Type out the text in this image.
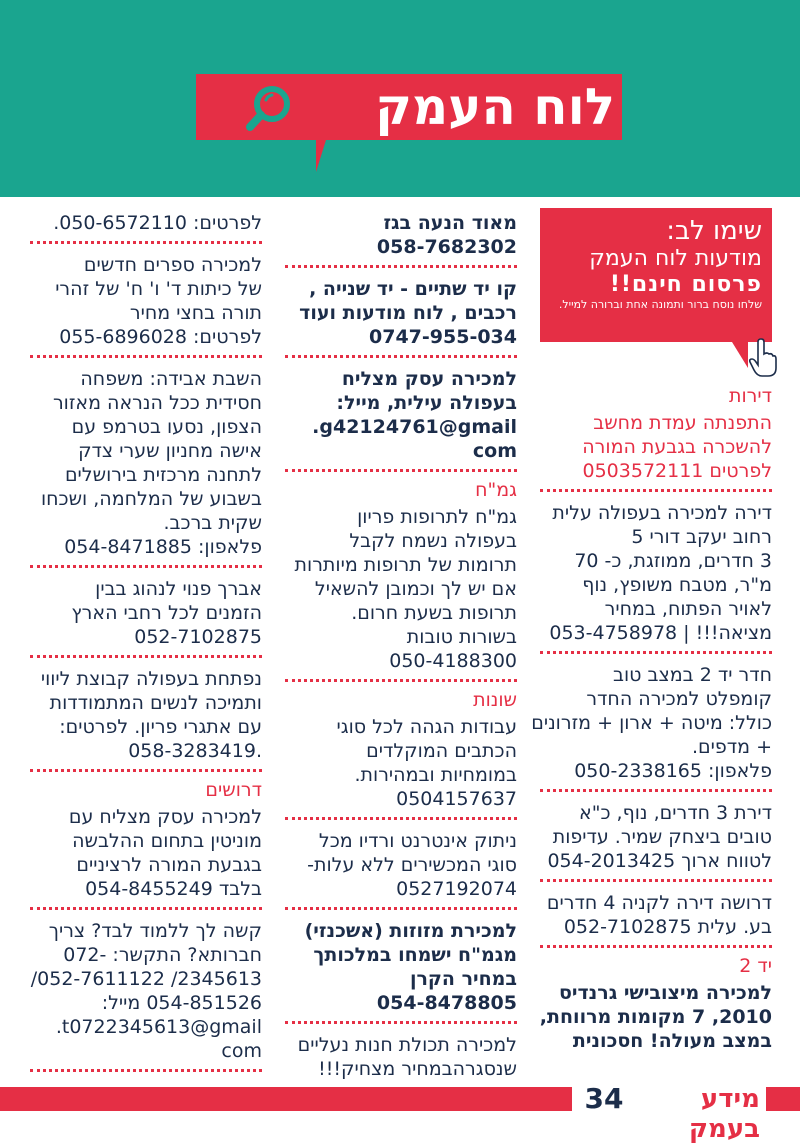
לוח העמק
שימו לב:
מודעות לוח העמק
פרסום חינם!!
שלחו נוסח ברור ותמונה אחת וברורה למייל.
דירות
התפנתה עמדת מחשב
להשכרה בגבעת המורה
לפרטים 0503572111
דירה למכירה בעפולה עלית
רחוב יעקב דורי 5
3 חדרים, ממוזגת, כ- 70
מ"ר, מטבח משופץ, נוף
לאויר הפתוח, במחיר
מציאה!!! | 053-4758978
חדר יד 2 במצב טוב
קומפלט למכירה החדר
כולל: מיטה + ארון + מזרונים
+ מדפים.
פלאפון: 050-2338165
דירת 3 חדרים, נוף, כ"א
טובים ביצחק שמיר. עדיפות
לטווח ארוך 054-2013425
דרושה דירה לקניה 4 חדרים
בע. עלית 052-7102875
יד 2
למכירה מיצובישי גרנדיס
2010, 7 מקומות מרווחת,
במצב מעולה! חסכונית
מאוד הנעה בגז
058-7682302
קו יד שתיים - יד שנייה ,
רכבים , לוח מודעות ועוד
0747-955-034
למכירה עסק מצליח
בעפולה עילית, מייל:
g42124761@gmail.
com
גמ"ח
גמ"ח לתרופות פריון
בעפולה נשמח לקבל
תרומות של תרופות מיותרות
אם יש לך וכמובן להשאיל
תרופות בשעת חרום.
בשורות טובות
050-4188300
שונות
עבודות הגהה לכל סוגי
הכתבים המוקלדים
במומחיות ובמהירות.
0504157637
ניתוק אינטרנט ורדיו מכל
סוגי המכשירים ללא עלות-
0527192074
למכירת מזוזות (אשכנזי)
מגמ"ח ישמחו במלכותך
במחיר הקרן
054-8478805
למכירה תכולת חנות נעליים
שנסגרהבמחיר מצחיק!!!
לפרטים: 050-6572110.
למכירה ספרים חדשים
של כיתות ד' ו' ח' של זהרי
תורה בחצי מחיר
לפרטים: 055-6896028
השבת אבידה: משפחה
חסידית ככל הנראה מאזור
הצפון, נסעו בטרמפ עם
אישה מחניון שערי צדק
לתחנה מרכזית בירושלים
בשבוע של המלחמה, ושכחו
שקית ברכב.
פלאפון: 054-8471885
אברך פנוי לנהוג בבין
הזמנים לכל רחבי הארץ
052-7102875
נפתחת בעפולה קבוצת ליווי
ותמיכה לנשים המתמודדות
עם אתגרי פריון. לפרטים:
.058-3283419
דרושים
למכירה עסק מצליח עם
מוניטין בתחום ההלבשה
בגבעת המורה לרציניים
בלבד 054-8455249
קשה לך ללמוד לבד? צריך
חברותא? התקשר: -072
2345613/ 052-7611122/
054-851526 מייל:
t0722345613@gmail.
com
מידע בעמק
34
